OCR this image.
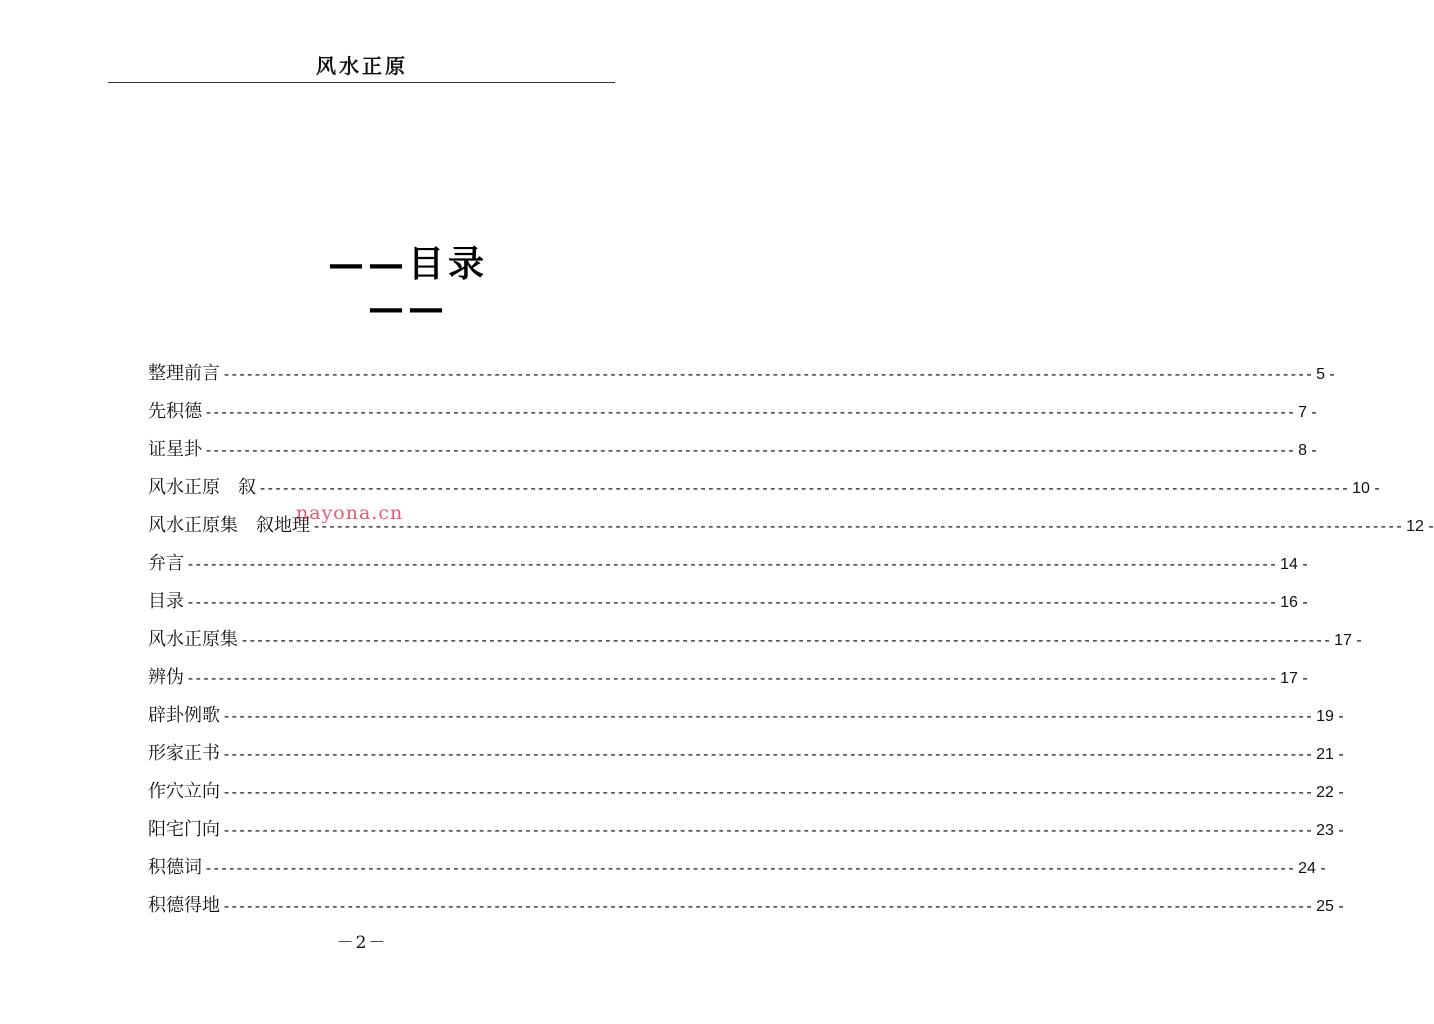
风水正原
——目录——
整理前言 -------------------------------------------------------------------------------------------------------------------------------------------- - 5 -
先积德 -------------------------------------------------------------------------------------------------------------------------------------------- - 7 -
证星卦 -------------------------------------------------------------------------------------------------------------------------------------------- - 8 -
风水正原　叙 -------------------------------------------------------------------------------------------------------------------------------------------- - 10 -
风水正原集　叙地理 -------------------------------------------------------------------------------------------------------------------------------------------- - 12 -
弁言 -------------------------------------------------------------------------------------------------------------------------------------------- - 14 -
目录 -------------------------------------------------------------------------------------------------------------------------------------------- - 16 -
风水正原集 -------------------------------------------------------------------------------------------------------------------------------------------- - 17 -
辨伪 -------------------------------------------------------------------------------------------------------------------------------------------- - 17 -
辟卦例歌 -------------------------------------------------------------------------------------------------------------------------------------------- - 19 -
形家正书 -------------------------------------------------------------------------------------------------------------------------------------------- - 21 -
作穴立向 -------------------------------------------------------------------------------------------------------------------------------------------- - 22 -
阳宅门向 -------------------------------------------------------------------------------------------------------------------------------------------- - 23 -
积德词 -------------------------------------------------------------------------------------------------------------------------------------------- - 24 -
积德得地 -------------------------------------------------------------------------------------------------------------------------------------------- - 25 -
nayona.cn
－2－
